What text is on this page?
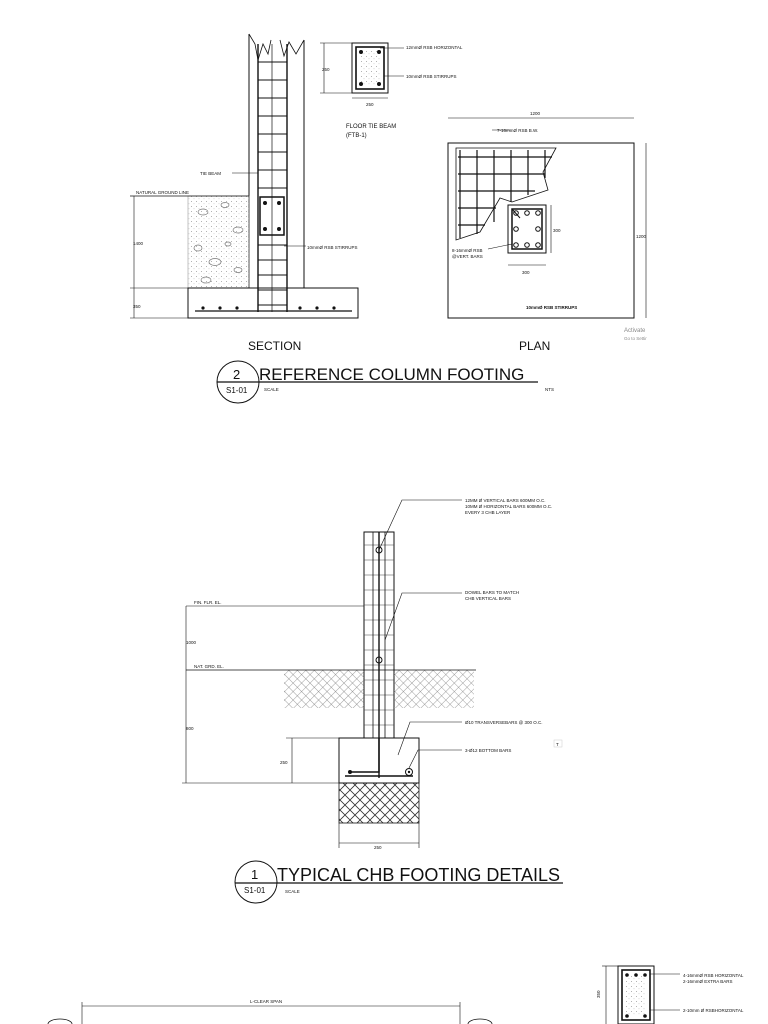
TIE BEAM
NATURAL GROUND LINE
10mmØ RSB STIRRUPS
1400
350
12mmØ RSB HORIZONTAL
10mmØ RSB STIRRUPS
250
250
FLOOR TIE BEAM
(FTB-1)
1200
1200
7-16mmØ RSB B.W.
8-16mmØ RSB
@VERT. BARS
300
300
10mmØ RSB STIRRUPS
Activate
Go to Settir
SECTION	PLAN
2
S1-01
REFERENCE COLUMN FOOTING
SCALE	NTS
12MM Ø VERTICAL BARS 600MM O.C.
10MM Ø HORIZONTAL BARS 600MM O.C.
EVERY 3 CHB LAYER
DOWEL BARS TO MATCH
CHB VERTICAL BARS
Ø10 TRANSVERSEBARS @ 300 O.C.
3-Ø12 BOTTOM BARS
FIN. FLR. EL.
NAT. GRD. EL.
1000
800
250
250
T
1
S1-01
TYPICAL CHB FOOTING DETAILS
SCALE
L-CLEAR SPAN
350
4-16mmØ RSB HORIZONTAL
2-16mmØ EXTRA BARS
2-10mm Ø RSBHORIZONTAL
